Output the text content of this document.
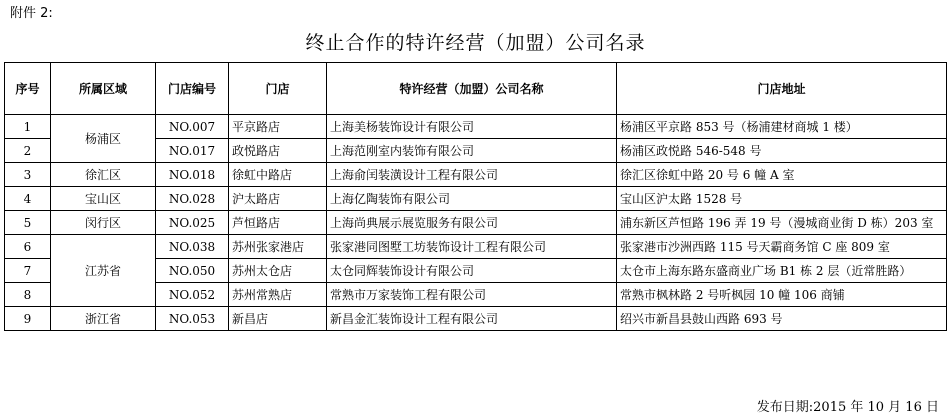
附件 2:
终止合作的特许经营（加盟）公司名录
序号	所属区域	门店编号	门店	特许经营（加盟）公司名称	门店地址
1	杨浦区	NO.007	平京路店	上海美杨装饰设计有限公司	杨浦区平京路 853 号（杨浦建材商城 1 楼）
2		NO.017	政悦路店	上海范刚室内装饰有限公司	杨浦区政悦路 546-548 号
3	徐汇区	NO.018	徐虹中路店	上海俞闰装潢设计工程有限公司	徐汇区徐虹中路 20 号 6 幢 A 室
4	宝山区	NO.028	沪太路店	上海亿陶装饰有限公司	宝山区沪太路 1528 号
5	闵行区	NO.025	芦恒路店	上海尚典展示展览服务有限公司	浦东新区芦恒路 196 弄 19 号（漫城商业街 D 栋）203 室
6	江苏省	NO.038	苏州张家港店	张家港同图墅工坊装饰设计工程有限公司	张家港市沙洲西路 115 号天霸商务馆 C 座 809 室
7		NO.050	苏州太仓店	太仓同辉装饰设计有限公司	太仓市上海东路东盛商业广场 B1 栋 2 层（近常胜路）
8		NO.052	苏州常熟店	常熟市万家装饰工程有限公司	常熟市枫林路 2 号听枫园 10 幢 106 商铺
9	浙江省	NO.053	新昌店	新昌金汇装饰设计工程有限公司	绍兴市新昌县鼓山西路 693 号
发布日期:2015 年 10 月 16 日
